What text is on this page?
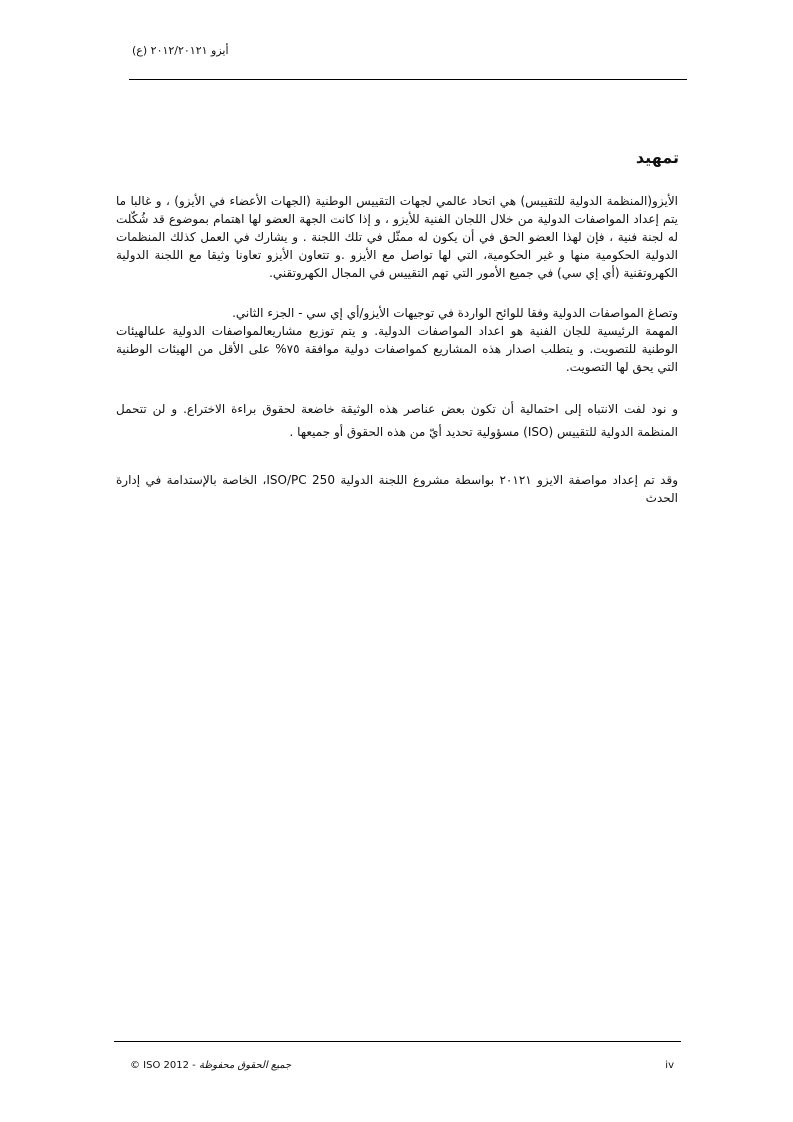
أيزو ٢٠١٢/٢٠١٢١ (ع)
تمهيد

الأيزو(المنظمة الدولية للتقييس) هي اتحاد عالمي لجهات التقييس الوطنية (الجهات الأعضاء في الأيزو) ، و غالبا ما يتم إعداد المواصفات الدولية من خلال اللجان الفنية للأيزو ، و إذا كانت الجهة العضو لها اهتمام بموضوع قد شُكّلت له لجنة فنية ، فإن لهذا العضو الحق في أن يكون له ممثّل في تلك اللجنة . و يشارك في العمل كذلك المنظمات الدولية الحكومية منها و غير الحكومية، التي لها تواصل مع الأيزو .و تتعاون الأيزو تعاونا وثيقا مع اللجنة الدولية الكهروتقنية (أي إي سي) في جميع الأمور التي تهم التقييس في المجال الكهروتقني.

وتصاغ المواصفات الدولية وفقا للوائح الواردة في توجيهات الأيزو/أي إي سي - الجزء الثاني.

المهمة الرئيسية للجان الفنية هو اعداد المواصفات الدولية. و يتم توزيع مشاريعالمواصفات الدولية علىالهيئات الوطنية للتصويت. و يتطلب اصدار هذه المشاريع كمواصفات دولية موافقة ٧٥% على الأقل من الهيئات الوطنية التي يحق لها التصويت.

و نود لفت الانتباه إلى احتمالية أن تكون بعض عناصر هذه الوثيقة خاضعة لحقوق براءة الاختراع. و لن تتحمل المنظمة الدولية للتقييس (ISO) مسؤولية تحديد أيّ من هذه الحقوق أو جميعها .

وقد تم إعداد مواصفة الايزو ٢٠١٢١ بواسطة مشروع اللجنة الدولية ISO/PC 250، الخاصة بالإستدامة في إدارة الحدث

© ISO 2012 - جميع الحقوق محفوظة	iv
